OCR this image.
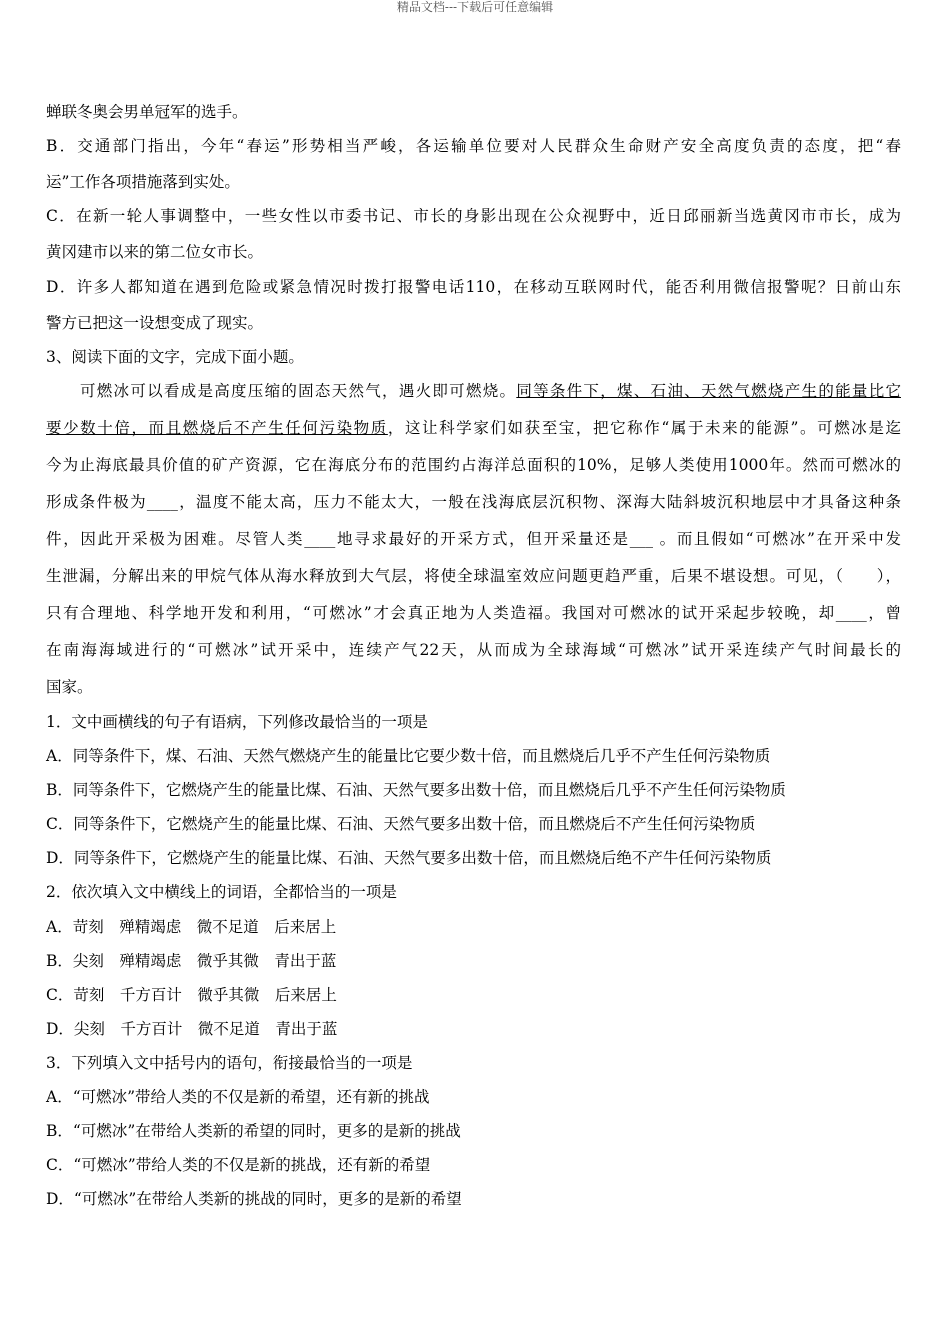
精品文档---下载后可任意编辑
蝉联冬奥会男单冠军的选手。
B．交通部门指出，今年“春运”形势相当严峻，各运输单位要对人民群众生命财产安全高度负责的态度，把“春
运”工作各项措施落到实处。
C．在新一轮人事调整中，一些女性以市委书记、市长的身影出现在公众视野中，近日邱丽新当选黄冈市市长，成为
黄冈建市以来的第二位女市长。
D．许多人都知道在遇到危险或紧急情况时拨打报警电话110，在移动互联网时代，能否利用微信报警呢？日前山东
警方已把这一设想变成了现实。
3、阅读下面的文字，完成下面小题。
可燃冰可以看成是高度压缩的固态天然气，遇火即可燃烧。同等条件下，煤、石油、天然气燃烧产生的能量比它
要少数十倍，而且燃烧后不产生任何污染物质，这让科学家们如获至宝，把它称作“属于未来的能源”。可燃冰是迄
今为止海底最具价值的矿产资源，它在海底分布的范围约占海洋总面积的10%，足够人类使用1000年。然而可燃冰的
形成条件极为____，温度不能太高，压力不能太大，一般在浅海底层沉积物、深海大陆斜坡沉积地层中才具备这种条
件，因此开采极为困难。尽管人类____地寻求最好的开采方式，但开采量还是___ 。而且假如“可燃冰”在开采中发
生泄漏，分解出来的甲烷气体从海水释放到大气层，将使全球温室效应问题更趋严重，后果不堪设想。可见，（　　），
只有合理地、科学地开发和利用，“可燃冰”才会真正地为人类造福。我国对可燃冰的试开采起步较晚，却____，曾
在南海海域进行的“可燃冰”试开采中，连续产气22天，从而成为全球海域“可燃冰”试开采连续产气时间最长的
国家。
1．文中画横线的句子有语病，下列修改最恰当的一项是
A．同等条件下，煤、石油、天然气燃烧产生的能量比它要少数十倍，而且燃烧后几乎不产生任何污染物质
B．同等条件下，它燃烧产生的能量比煤、石油、天然气要多出数十倍，而且燃烧后几乎不产生任何污染物质
C．同等条件下，它燃烧产生的能量比煤、石油、天然气要多出数十倍，而且燃烧后不产生任何污染物质
D．同等条件下，它燃烧产生的能量比煤、石油、天然气要多出数十倍，而且燃烧后绝不产牛任何污染物质
2．依次填入文中横线上的词语，全都恰当的一项是
A．苛刻　殚精竭虑　微不足道　后来居上
B．尖刻　殚精竭虑　微乎其微　青出于蓝
C．苛刻　千方百计　微乎其微　后来居上
D．尖刻　千方百计　微不足道　青出于蓝
3．下列填入文中括号内的语句，衔接最恰当的一项是
A．“可燃冰”带给人类的不仅是新的希望，还有新的挑战
B．“可燃冰”在带给人类新的希望的同时，更多的是新的挑战
C．“可燃冰”带给人类的不仅是新的挑战，还有新的希望
D．“可燃冰”在带给人类新的挑战的同时，更多的是新的希望
